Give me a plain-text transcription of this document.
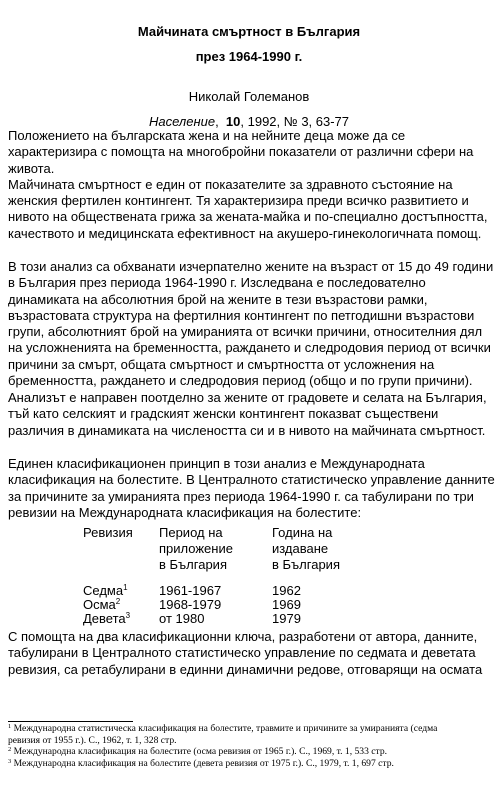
Майчината смъртност в България
през 1964-1990 г.
Николай Големанов
Население, 10, 1992, № 3, 63-77
Положението на българската жена и на нейните деца може да се
характеризира с помощта на многобройни показатели от различни сфери на
живота.
Майчината смъртност е един от показателите за здравното състояние на
женския фертилен контингент. Тя характеризира преди всичко развитието и
нивото на обществената грижа за жената-майка и по-специално достъпността,
качеството и медицинската ефективност на акушеро-гинекологичната помощ.
В този анализ са обхванати изчерпателно жените на възраст от 15 до 49 години
в България през периода 1964-1990 г. Изследвана е последователно
динамиката на абсолютния брой на жените в тези възрастови рамки,
възрастовата структура на фертилния контингент по петгодишни възрастови
групи, абсолютният брой на умиранията от всички причини, относителния дял
на усложненията на бременността, раждането и следродовия период от всички
причини за смърт, общата смъртност и смъртността от усложнения на
бременността, раждането и следродовия период (общо и по групи причини).
Анализът е направен поотделно за жените от градовете и селата на България,
тъй като селският и градският женски контингент показват съществени
различия в динамиката на числеността си и в нивото на майчината смъртност.
Единен класификационен принцип в този анализ е Международната
класификация на болестите. В Централното статистическо управление данните
за причините за умиранията през периода 1964-1990 г. са табулирани по три
ревизии на Международната класификация на болестите:
Ревизия Период на
приложение
в България
Година на
издаване
в България
Седма$^1$
Осма$^2$
Девета$^3$
1961-1967
1968-1979
от 1980
1962
1969
1979
С помощта на два класификационни ключа, разработени от автора, данните,
табулирани в Централното статистическо управление по седмата и деветата
ревизия, са ретабулирани в единни динамични редове, отговарящи на осмата
$^1$ Международна статистическа класификация на болестите, травмите и причините за умиранията (седма
ревизия от 1955 г.). С., 1962, т. 1, 328 стр.
$^2$ Международна класификация на болестите (осма ревизия от 1965 г.). С., 1969, т. 1, 533 стр.
$^3$ Международна класификация на болестите (девета ревизия от 1975 г.). С., 1979, т. 1, 697 стр.
